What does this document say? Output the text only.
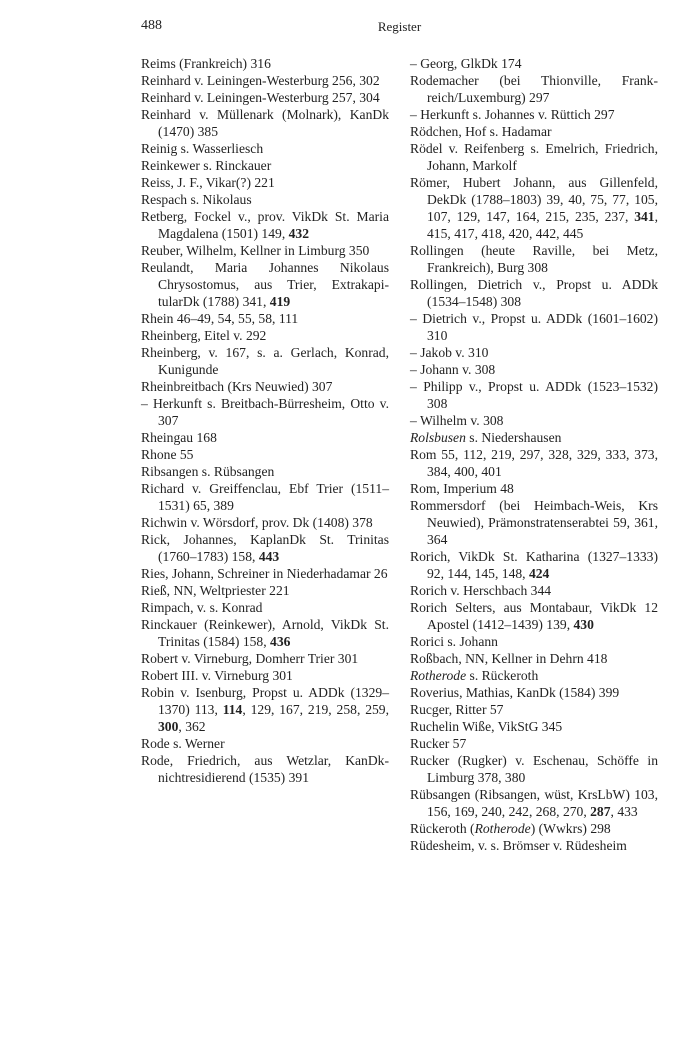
488	Register

Reims (Frankreich) 316

Reinhard v. Leiningen-Westerburg 256, 302

Reinhard v. Leiningen-Westerburg 257, 304

Reinhard v. Müllenark (Molnark), KanDk (1470) 385

Reinig s. Wasserliesch

Reinkewer s. Rinckauer

Reiss, J. F., Vikar(?) 221

Respach s. Nikolaus

Retberg, Fockel v., prov. VikDk St. Maria Magdalena (1501) 149, 432

Reuber, Wilhelm, Kellner in Limburg 350

Reulandt, Maria Johannes Nikolaus Chrysostomus, aus Trier, ExtrakapitularDk (1788) 341, 419

Rhein 46–49, 54, 55, 58, 111

Rheinberg, Eitel v. 292

Rheinberg, v. 167, s. a. Gerlach, Konrad, Kunigunde

Rheinbreitbach (Krs Neuwied) 307

– Herkunft s. Breitbach-Bürresheim, Otto v. 307

Rheingau 168

Rhone 55

Ribsangen s. Rübsangen

Richard v. Greiffenclau, Ebf Trier (1511–1531) 65, 389

Richwin v. Wörsdorf, prov. Dk (1408) 378

Rick, Johannes, KaplanDk St. Trinitas (1760–1783) 158, 443

Ries, Johann, Schreiner in Niederhadamar 26

Rieß, NN, Weltpriester 221

Rimpach, v. s. Konrad

Rinckauer (Reinkewer), Arnold, VikDk St. Trinitas (1584) 158, 436

Robert v. Virneburg, Domherr Trier 301

Robert III. v. Virneburg 301

Robin v. Isenburg, Propst u. ADDk (1329–1370) 113, 114, 129, 167, 219, 258, 259, 300, 362

Rode s. Werner

Rode, Friedrich, aus Wetzlar, KanDk-nichtresidierend (1535) 391

– Georg, GlkDk 174

Rodemacher (bei Thionville, Frankreich/Luxemburg) 297

– Herkunft s. Johannes v. Rüttich 297

Rödchen, Hof s. Hadamar

Rödel v. Reifenberg s. Emelrich, Friedrich, Johann, Markolf

Römer, Hubert Johann, aus Gillenfeld, DekDk (1788–1803) 39, 40, 75, 77, 105, 107, 129, 147, 164, 215, 235, 237, 341, 415, 417, 418, 420, 442, 445

Rollingen (heute Raville, bei Metz, Frankreich), Burg 308

Rollingen, Dietrich v., Propst u. ADDk (1534–1548) 308

– Dietrich v., Propst u. ADDk (1601–1602) 310

– Jakob v. 310

– Johann v. 308

– Philipp v., Propst u. ADDk (1523–1532) 308

– Wilhelm v. 308

Rolsbusen s. Niedershausen

Rom 55, 112, 219, 297, 328, 329, 333, 373, 384, 400, 401

Rom, Imperium 48

Rommersdorf (bei Heimbach-Weis, Krs Neuwied), Prämonstratenserabtei 59, 361, 364

Rorich, VikDk St. Katharina (1327–1333) 92, 144, 145, 148, 424

Rorich v. Herschbach 344

Rorich Selters, aus Montabaur, VikDk 12 Apostel (1412–1439) 139, 430

Rorici s. Johann

Roßbach, NN, Kellner in Dehrn 418

Rotherode s. Rückeroth

Roverius, Mathias, KanDk (1584) 399

Rucger, Ritter 57

Ruchelin Wiße, VikStG 345

Rucker 57

Rucker (Rugker) v. Eschenau, Schöffe in Limburg 378, 380

Rübsangen (Ribsangen, wüst, KrsLbW) 103, 156, 169, 240, 242, 268, 270, 287, 433

Rückeroth (Rotherode) (Wwkrs) 298

Rüdesheim, v. s. Brömser v. Rüdesheim
